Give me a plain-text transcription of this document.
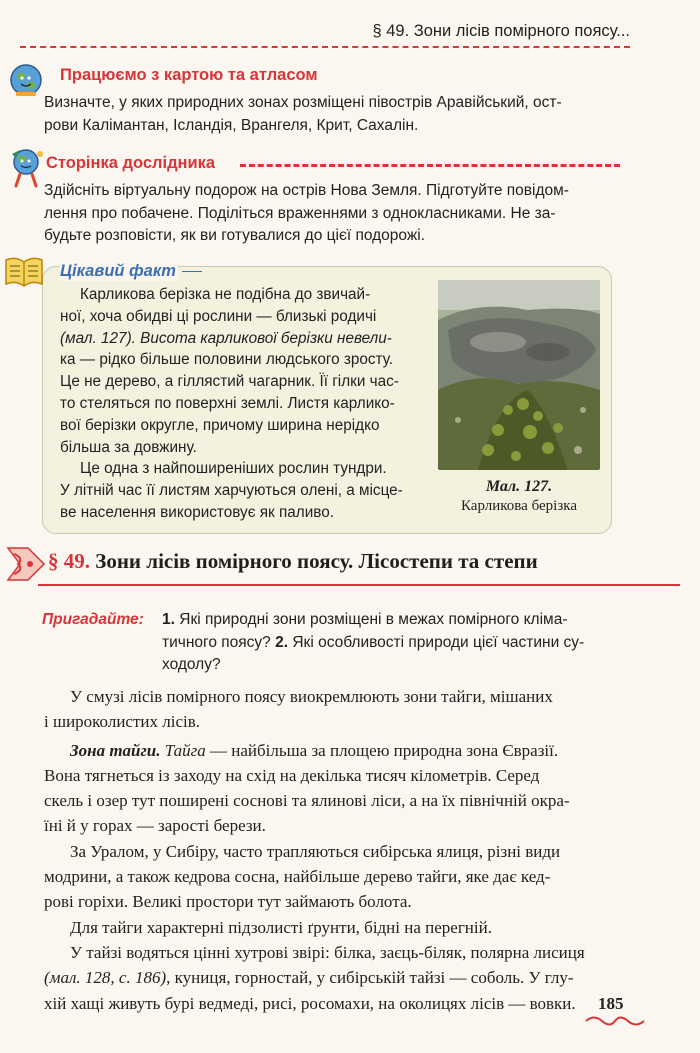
§ 49. Зони лісів помірного поясу...
Працюємо з картою та атласом
Визначте, у яких природних зонах розміщені півострів Аравійський, ост-
рови Калімантан, Ісландія, Врангеля, Крит, Сахалін.
Сторінка дослідника
Здійсніть віртуальну подорож на острів Нова Земля. Підготуйте повідом-
лення про побачене. Поділіться враженнями з однокласниками. Не за-
будьте розповісти, як ви готувалися до цієї подорожі.
Цікавий факт
Карликова берізка не подібна до звичай-
ної, хоча обидві ці рослини — близькі родичі
(мал. 127). Висота карликової берізки невели-
ка — рідко більше половини людського зросту.
Це не дерево, а гіллястий чагарник. Її гілки час-
то стеляться по поверхні землі. Листя карлико-
вої берізки округле, причому ширина нерідко
більша за довжину.
Це одна з найпоширеніших рослин тундри.
У літній час її листям харчуються олені, а місце-
ве населення використовує як паливо.
Мал. 127.
Карликова берізка
§ 49. Зони лісів помірного поясу. Лісостепи та степи
Пригадайте: 1. Які природні зони розміщені в межах помірного кліма-
тичного поясу? 2. Які особливості природи цієї частини су-
ходолу?

У смузі лісів помірного поясу виокремлюють зони тайги, мішаних
і широколистих лісів.

Зона тайги. Тайга — найбільша за площею природна зона Євразії.
Вона тягнеться із заходу на схід на декілька тисяч кілометрів. Серед
скель і озер тут поширені соснові та ялинові ліси, а на їх північній окра-
їні й у горах — зарості берези.

За Уралом, у Сибіру, часто трапляються сибірська ялиця, різні види
модрини, а також кедрова сосна, найбільше дерево тайги, яке дає кед-
рові горіхи. Великі простори тут займають болота.

Для тайги характерні підзолисті ґрунти, бідні на перегній.

У тайзі водяться цінні хутрові звірі: білка, заєць-біляк, полярна лисиця
(мал. 128, с. 186), куниця, горностай, у сибірській тайзі — соболь. У глу-
хій хащі живуть бурі ведмеді, рисі, росомахи, на околицях лісів — вовки.	185
